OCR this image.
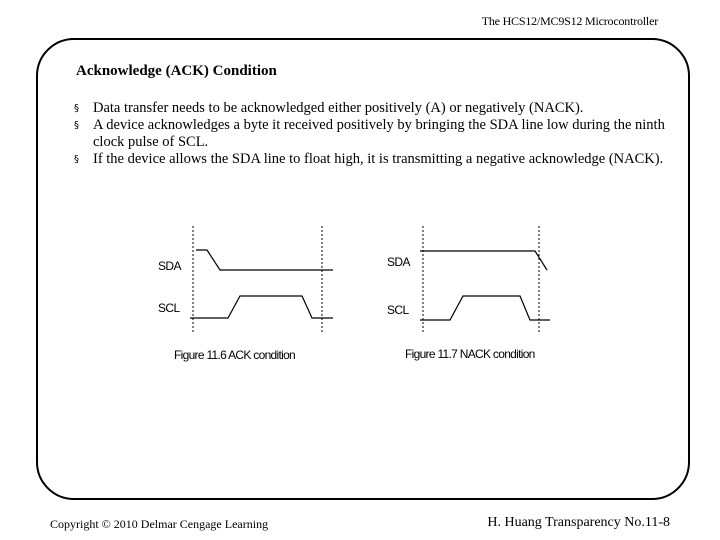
The HCS12/MC9S12 Microcontroller
Acknowledge (ACK) Condition
§ Data transfer needs to be acknowledged either positively (A) or negatively (NACK).
§ A device acknowledges a byte it received positively by bringing the SDA line low during the ninth clock pulse of SCL.
§ If the device allows the SDA line to float high, it is transmitting a negative acknowledge (NACK).
SDA
SCL
Figure 11.6 ACK condition
SDA
SCL
Figure 11.7 NACK condition
Copyright © 2010 Delmar Cengage Learning	H. Huang Transparency No.11-8
